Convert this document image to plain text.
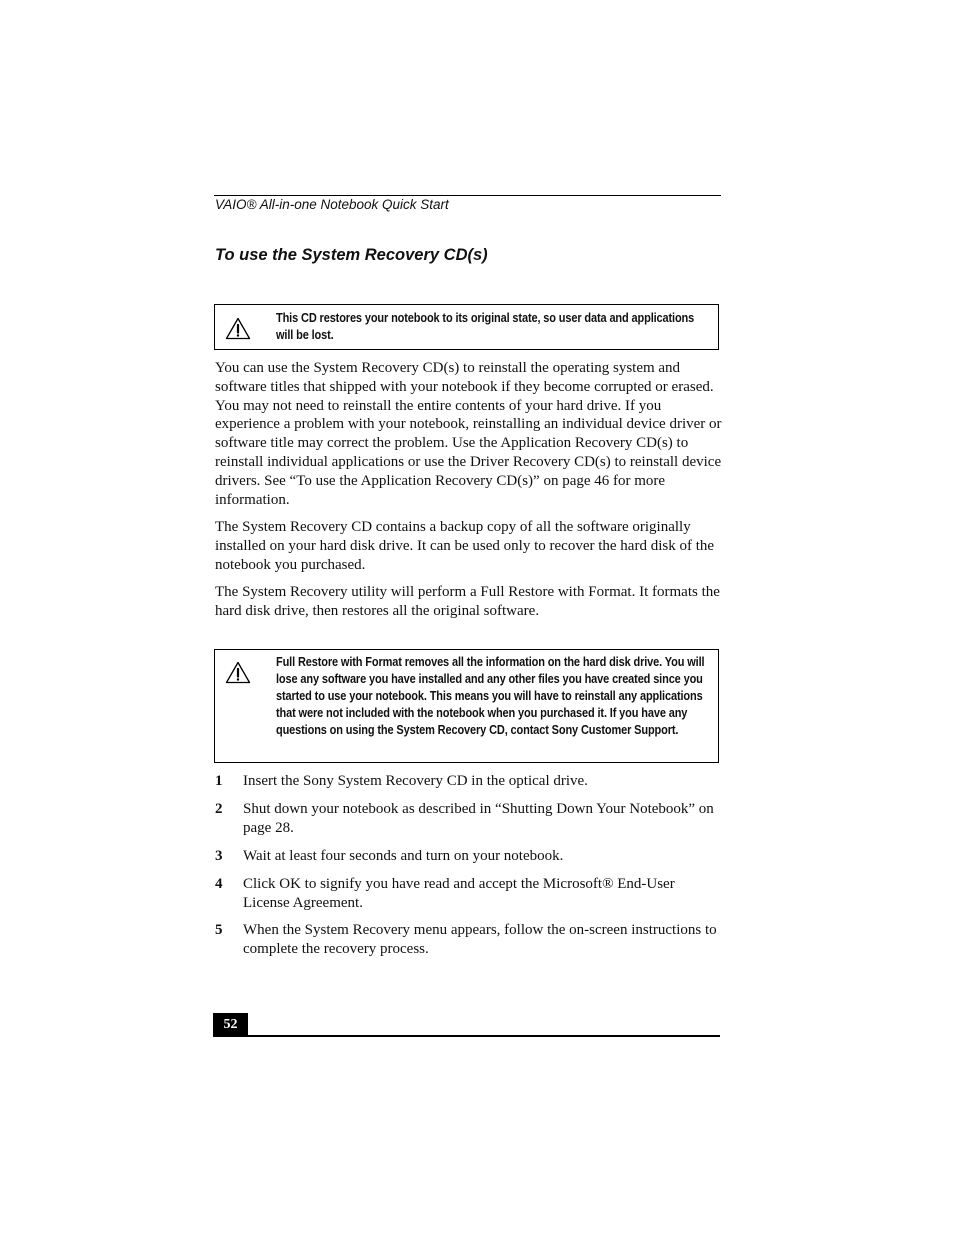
VAIO® All-in-one Notebook Quick Start
To use the System Recovery CD(s)
This CD restores your notebook to its original state, so user data and applications will be lost.

You can use the System Recovery CD(s) to reinstall the operating system and software titles that shipped with your notebook if they become corrupted or erased. You may not need to reinstall the entire contents of your hard drive. If you experience a problem with your notebook, reinstalling an individual device driver or software title may correct the problem. Use the Application Recovery CD(s) to reinstall individual applications or use the Driver Recovery CD(s) to reinstall device drivers. See “To use the Application Recovery CD(s)” on page 46 for more information.

The System Recovery CD contains a backup copy of all the software originally installed on your hard disk drive. It can be used only to recover the hard disk of the notebook you purchased.

The System Recovery utility will perform a Full Restore with Format. It formats the hard disk drive, then restores all the original software.

Full Restore with Format removes all the information on the hard disk drive. You will lose any software you have installed and any other files you have created since you started to use your notebook. This means you will have to reinstall any applications that were not included with the notebook when you purchased it. If you have any questions on using the System Recovery CD, contact Sony Customer Support.
1 Insert the Sony System Recovery CD in the optical drive.
2 Shut down your notebook as described in “Shutting Down Your Notebook” on page 28.
3 Wait at least four seconds and turn on your notebook.
4 Click OK to signify you have read and accept the Microsoft® End-User License Agreement.
5 When the System Recovery menu appears, follow the on-screen instructions to complete the recovery process.
52
